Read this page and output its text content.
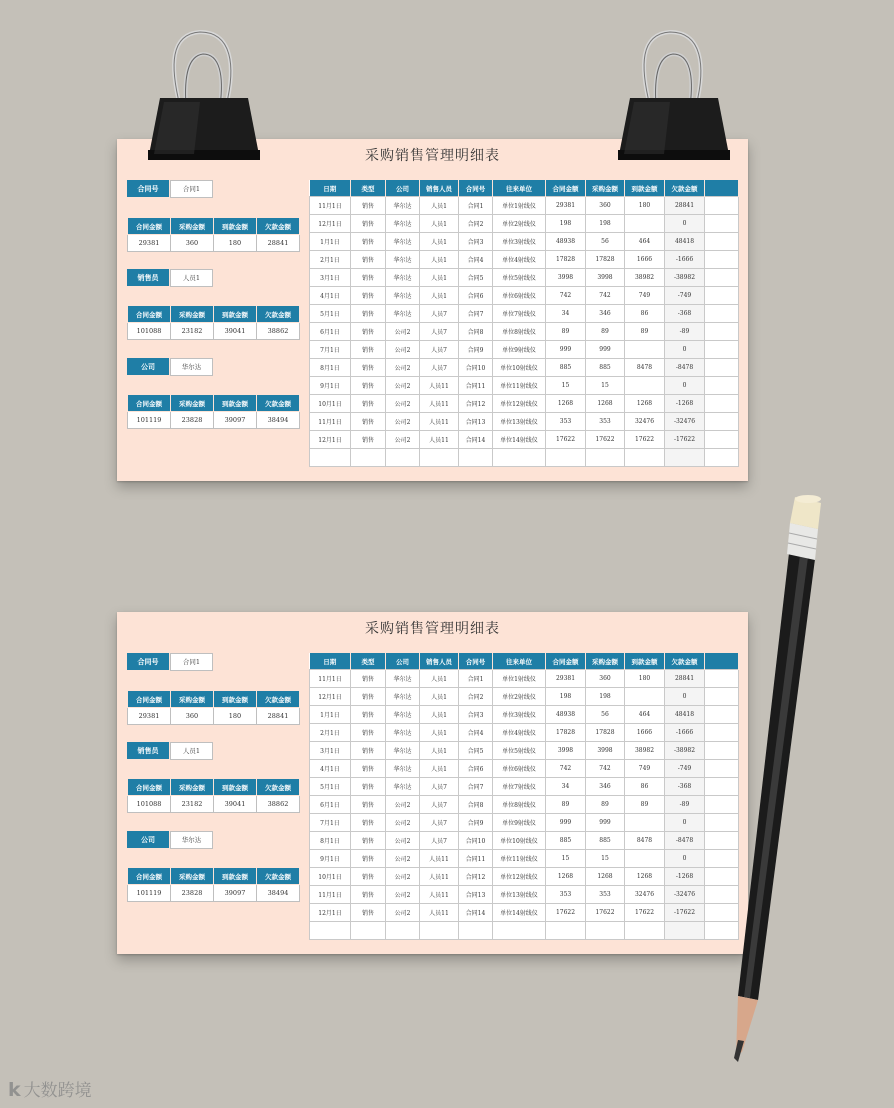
采购销售管理明细表
合同号	合同1
合同金额	采购金额	到款金额	欠款金额
29381	360	180	28841
销售员	人员1
合同金额	采购金额	到款金额	欠款金额
101088	23182	39041	38862
公司	华尔达
合同金额	采购金额	到款金额	欠款金额
101119	23828	39097	38494
日期	类型	公司	销售人员	合同号	往来单位	合同金额	采购金额	到款金额	欠款金额	
11月1日	销售	华尔达	人员1	合同1	单位1射线仪	29381	360	180	28841	
12月1日	销售	华尔达	人员1	合同2	单位2射线仪	198	198		0	
1月1日	销售	华尔达	人员1	合同3	单位3射线仪	48938	56	464	48418	
2月1日	销售	华尔达	人员1	合同4	单位4射线仪	17828	17828	1666	-1666	
3月1日	销售	华尔达	人员1	合同5	单位5射线仪	3998	3998	38982	-38982	
4月1日	销售	华尔达	人员1	合同6	单位6射线仪	742	742	749	-749	
5月1日	销售	华尔达	人员7	合同7	单位7射线仪	34	346	86	-368	
6月1日	销售	公司2	人员7	合同8	单位8射线仪	89	89	89	-89	
7月1日	销售	公司2	人员7	合同9	单位9射线仪	999	999		0	
8月1日	销售	公司2	人员7	合同10	单位10射线仪	885	885	8478	-8478	
9月1日	销售	公司2	人员11	合同11	单位11射线仪	15	15		0	
10月1日	销售	公司2	人员11	合同12	单位12射线仪	1268	1268	1268	-1268	
11月1日	销售	公司2	人员11	合同13	单位13射线仪	353	353	32476	-32476	
12月1日	销售	公司2	人员11	合同14	单位14射线仪	17622	17622	17622	-17622	

采购销售管理明细表
合同号	合同1
合同金额	采购金额	到款金额	欠款金额
29381	360	180	28841
销售员	人员1
合同金额	采购金额	到款金额	欠款金额
101088	23182	39041	38862
公司	华尔达
合同金额	采购金额	到款金额	欠款金额
101119	23828	39097	38494
日期	类型	公司	销售人员	合同号	往来单位	合同金额	采购金额	到款金额	欠款金额	
11月1日	销售	华尔达	人员1	合同1	单位1射线仪	29381	360	180	28841	
12月1日	销售	华尔达	人员1	合同2	单位2射线仪	198	198		0	
1月1日	销售	华尔达	人员1	合同3	单位3射线仪	48938	56	464	48418	
2月1日	销售	华尔达	人员1	合同4	单位4射线仪	17828	17828	1666	-1666	
3月1日	销售	华尔达	人员1	合同5	单位5射线仪	3998	3998	38982	-38982	
4月1日	销售	华尔达	人员1	合同6	单位6射线仪	742	742	749	-749	
5月1日	销售	华尔达	人员7	合同7	单位7射线仪	34	346	86	-368	
6月1日	销售	公司2	人员7	合同8	单位8射线仪	89	89	89	-89	
7月1日	销售	公司2	人员7	合同9	单位9射线仪	999	999		0	
8月1日	销售	公司2	人员7	合同10	单位10射线仪	885	885	8478	-8478	
9月1日	销售	公司2	人员11	合同11	单位11射线仪	15	15		0	
10月1日	销售	公司2	人员11	合同12	单位12射线仪	1268	1268	1268	-1268	
11月1日	销售	公司2	人员11	合同13	单位13射线仪	353	353	32476	-32476	
12月1日	销售	公司2	人员11	合同14	单位14射线仪	17622	17622	17622	-17622	

k 大数跨境
